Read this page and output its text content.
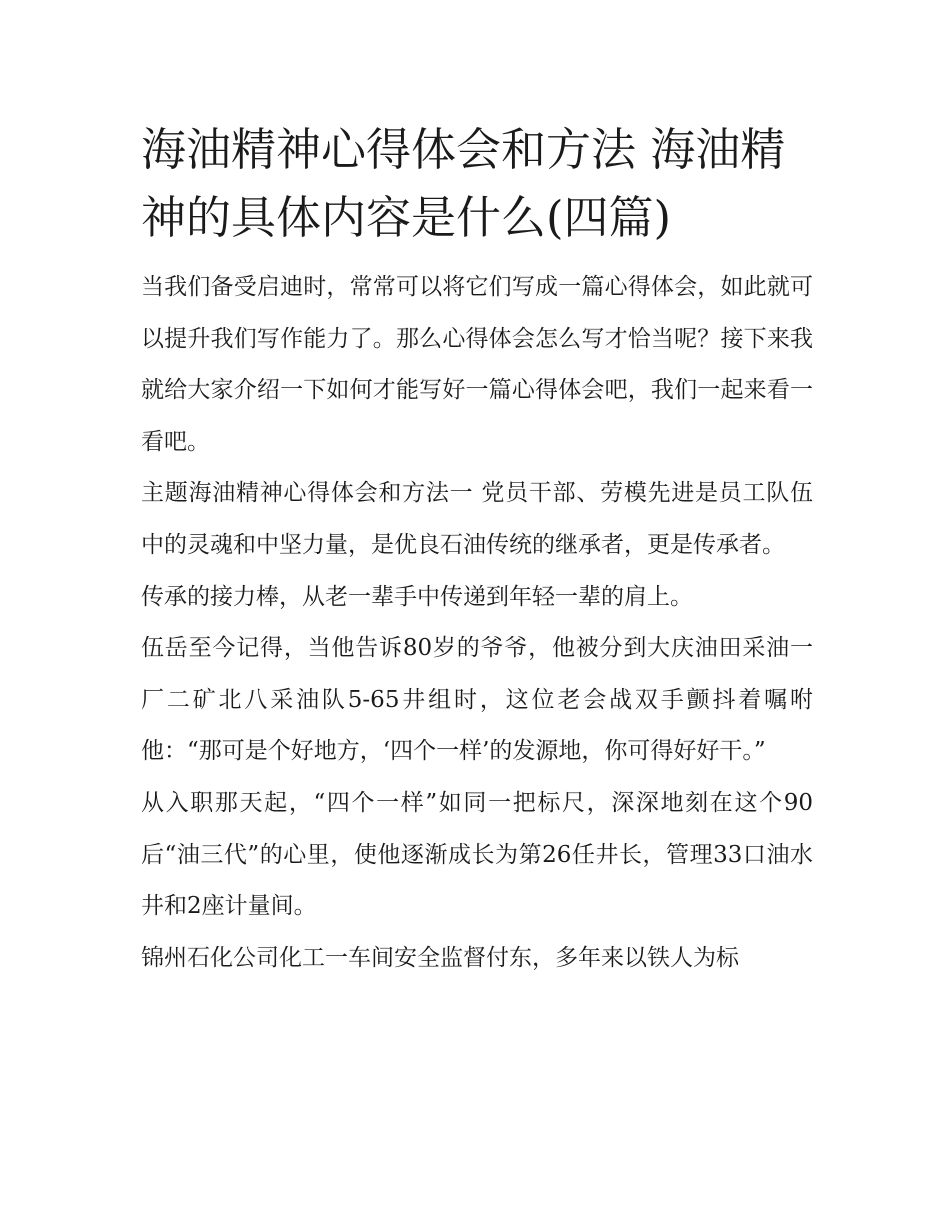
海油精神心得体会和方法 海油精神的具体内容是什么(四篇)

当我们备受启迪时，常常可以将它们写成一篇心得体会，如此就可以提升我们写作能力了。那么心得体会怎么写才恰当呢？接下来我就给大家介绍一下如何才能写好一篇心得体会吧，我们一起来看一看吧。

主题海油精神心得体会和方法一 党员干部、劳模先进是员工队伍中的灵魂和中坚力量，是优良石油传统的继承者，更是传承者。

传承的接力棒，从老一辈手中传递到年轻一辈的肩上。

伍岳至今记得，当他告诉80岁的爷爷，他被分到大庆油田采油一厂二矿北八采油队5-65井组时，这位老会战双手颤抖着嘱咐他：“那可是个好地方，‘四个一样’的发源地，你可得好好干。”

从入职那天起，“四个一样”如同一把标尺，深深地刻在这个90后“油三代”的心里，使他逐渐成长为第26任井长，管理33口油水井和2座计量间。

锦州石化公司化工一车间安全监督付东，多年来以铁人为标
